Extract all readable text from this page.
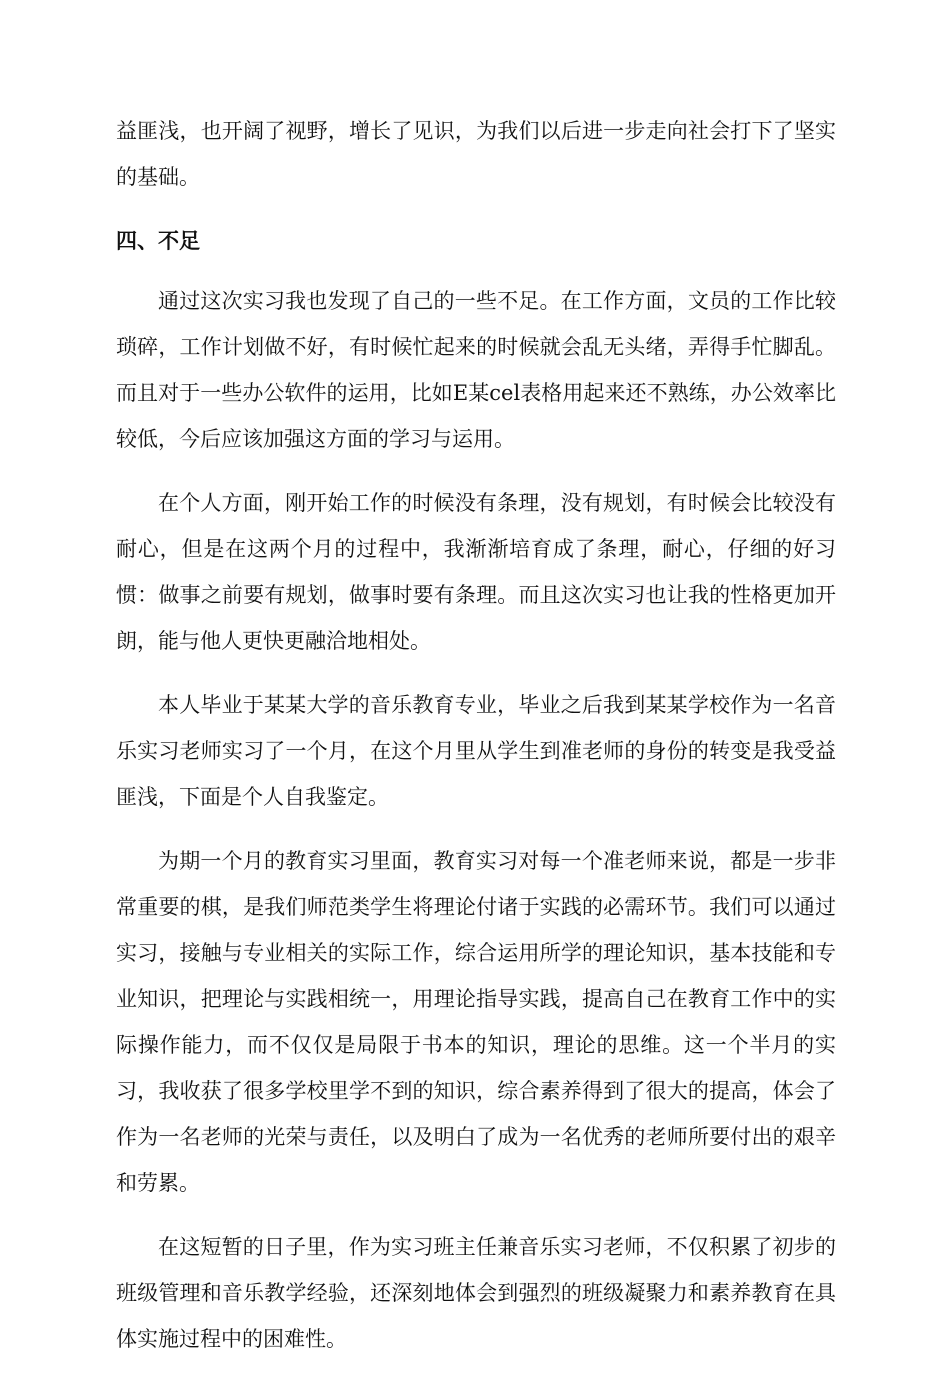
益匪浅，也开阔了视野，增长了见识，为我们以后进一步走向社会打下了坚实的基础。

四、不足

通过这次实习我也发现了自己的一些不足。在工作方面，文员的工作比较琐碎，工作计划做不好，有时候忙起来的时候就会乱无头绪，弄得手忙脚乱。而且对于一些办公软件的运用，比如E某cel表格用起来还不熟练，办公效率比较低，今后应该加强这方面的学习与运用。

在个人方面，刚开始工作的时候没有条理，没有规划，有时候会比较没有耐心，但是在这两个月的过程中，我渐渐培育成了条理，耐心，仔细的好习惯：做事之前要有规划，做事时要有条理。而且这次实习也让我的性格更加开朗，能与他人更快更融洽地相处。

本人毕业于某某大学的音乐教育专业，毕业之后我到某某学校作为一名音乐实习老师实习了一个月，在这个月里从学生到准老师的身份的转变是我受益匪浅，下面是个人自我鉴定。

为期一个月的教育实习里面，教育实习对每一个准老师来说，都是一步非常重要的棋，是我们师范类学生将理论付诸于实践的必需环节。我们可以通过实习，接触与专业相关的实际工作，综合运用所学的理论知识，基本技能和专业知识，把理论与实践相统一，用理论指导实践，提高自己在教育工作中的实际操作能力，而不仅仅是局限于书本的知识，理论的思维。这一个半月的实习，我收获了很多学校里学不到的知识，综合素养得到了很大的提高，体会了作为一名老师的光荣与责任，以及明白了成为一名优秀的老师所要付出的艰辛和劳累。

在这短暂的日子里，作为实习班主任兼音乐实习老师，不仅积累了初步的班级管理和音乐教学经验，还深刻地体会到强烈的班级凝聚力和素养教育在具体实施过程中的困难性。
